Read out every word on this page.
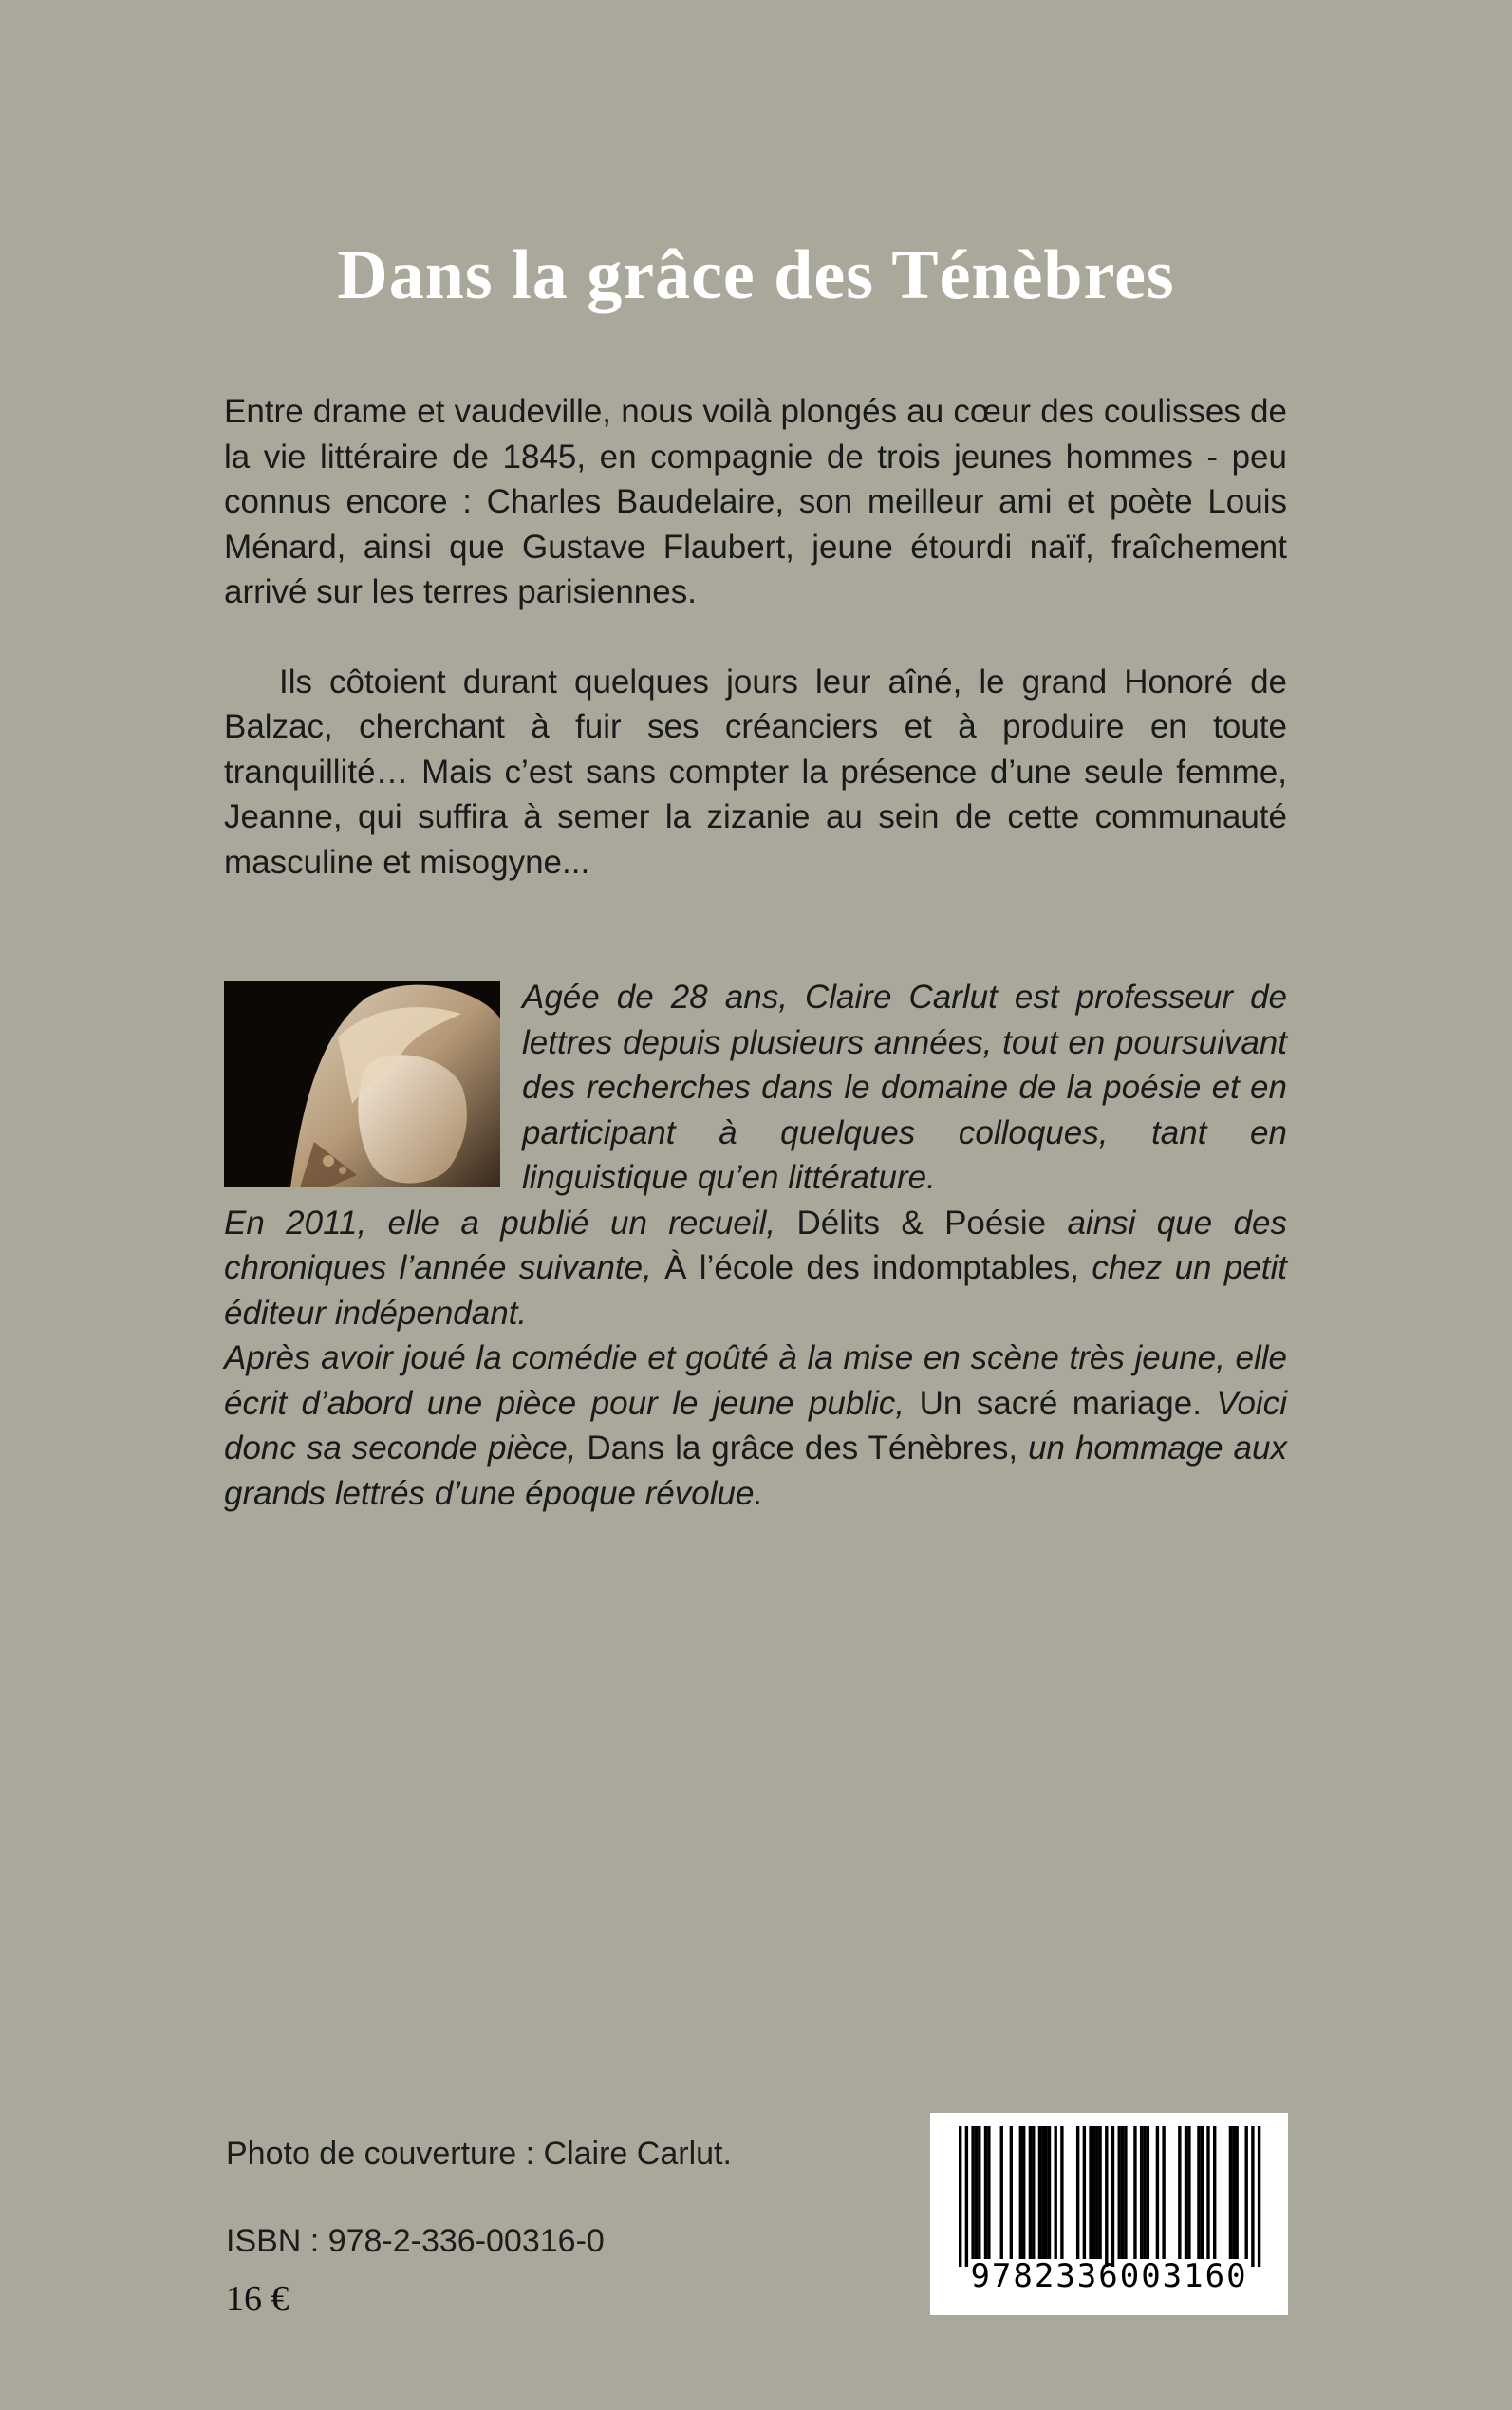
Dans la grâce des Ténèbres

Entre drame et vaudeville, nous voilà plongés au cœur des coulisses de la vie littéraire de 1845, en compagnie de trois jeunes hommes - peu connus encore : Charles Baudelaire, son meilleur ami et poète Louis Ménard, ainsi que Gustave Flaubert, jeune étourdi naïf, fraîchement arrivé sur les terres parisiennes.

Ils côtoient durant quelques jours leur aîné, le grand Honoré de Balzac, cherchant à fuir ses créanciers et à produire en toute tranquillité… Mais c’est sans compter la présence d’une seule femme, Jeanne, qui suffira à semer la zizanie au sein de cette communauté masculine et misogyne...

Agée de 28 ans, Claire Carlut est professeur de lettres depuis plusieurs années, tout en poursuivant des recherches dans le domaine de la poésie et en participant à quelques colloques, tant en linguistique qu’en littérature.

En 2011, elle a publié un recueil, Délits & Poésie ainsi que des chroniques l’année suivante, À l’école des indomptables, chez un petit éditeur indépendant.

Après avoir joué la comédie et goûté à la mise en scène très jeune, elle écrit d’abord une pièce pour le jeune public, Un sacré mariage. Voici donc sa seconde pièce, Dans la grâce des Ténèbres, un hommage aux grands lettrés d’une époque révolue.

Photo de couverture : Claire Carlut.
ISBN : 978-2-336-00316-0
16 €
9782336003160
